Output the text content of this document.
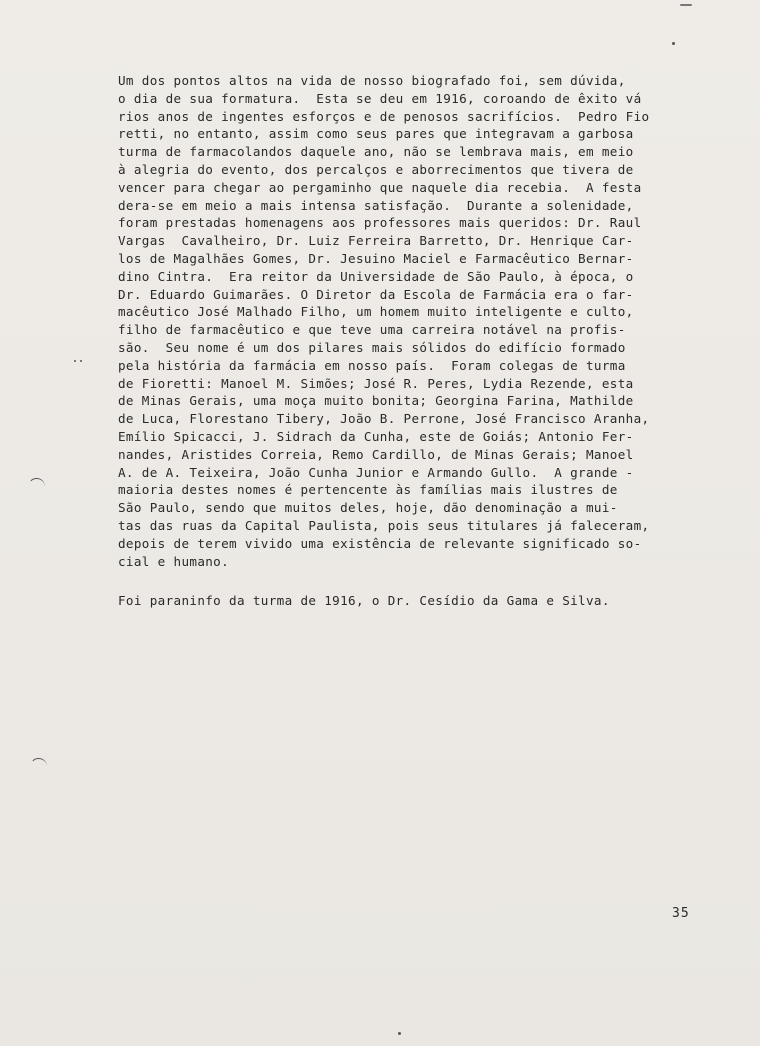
Um dos pontos altos na vida de nosso biografado foi, sem dúvida,
o dia de sua formatura.  Esta se deu em 1916, coroando de êxito vá
rios anos de ingentes esforços e de penosos sacrifícios.  Pedro Fio
retti, no entanto, assim como seus pares que integravam a garbosa
turma de farmacolandos daquele ano, não se lembrava mais, em meio
à alegria do evento, dos percalços e aborrecimentos que tivera de
vencer para chegar ao pergaminho que naquele dia recebia.  A festa
dera-se em meio a mais intensa satisfação.  Durante a solenidade,
foram prestadas homenagens aos professores mais queridos: Dr. Raul
Vargas  Cavalheiro, Dr. Luiz Ferreira Barretto, Dr. Henrique Car-
los de Magalhães Gomes, Dr. Jesuino Maciel e Farmacêutico Bernar-
dino Cintra.  Era reitor da Universidade de São Paulo, à época, o
Dr. Eduardo Guimarães. O Diretor da Escola de Farmácia era o far-
macêutico José Malhado Filho, um homem muito inteligente e culto,
filho de farmacêutico e que teve uma carreira notável na profis-
são.  Seu nome é um dos pilares mais sólidos do edifício formado
pela história da farmácia em nosso país.  Foram colegas de turma
de Fioretti: Manoel M. Simões; José R. Peres, Lydia Rezende, esta
de Minas Gerais, uma moça muito bonita; Georgina Farina, Mathilde
de Luca, Florestano Tibery, João B. Perrone, José Francisco Aranha,
Emílio Spicacci, J. Sidrach da Cunha, este de Goiás; Antonio Fer-
nandes, Aristides Correia, Remo Cardillo, de Minas Gerais; Manoel
A. de A. Teixeira, João Cunha Junior e Armando Gullo.  A grande -
maioria destes nomes é pertencente às famílias mais ilustres de
São Paulo, sendo que muitos deles, hoje, dão denominação a mui-
tas das ruas da Capital Paulista, pois seus titulares já faleceram,
depois de terem vivido uma existência de relevante significado so-
cial e humano.
Foi paraninfo da turma de 1916, o Dr. Cesídio da Gama e Silva.
35
